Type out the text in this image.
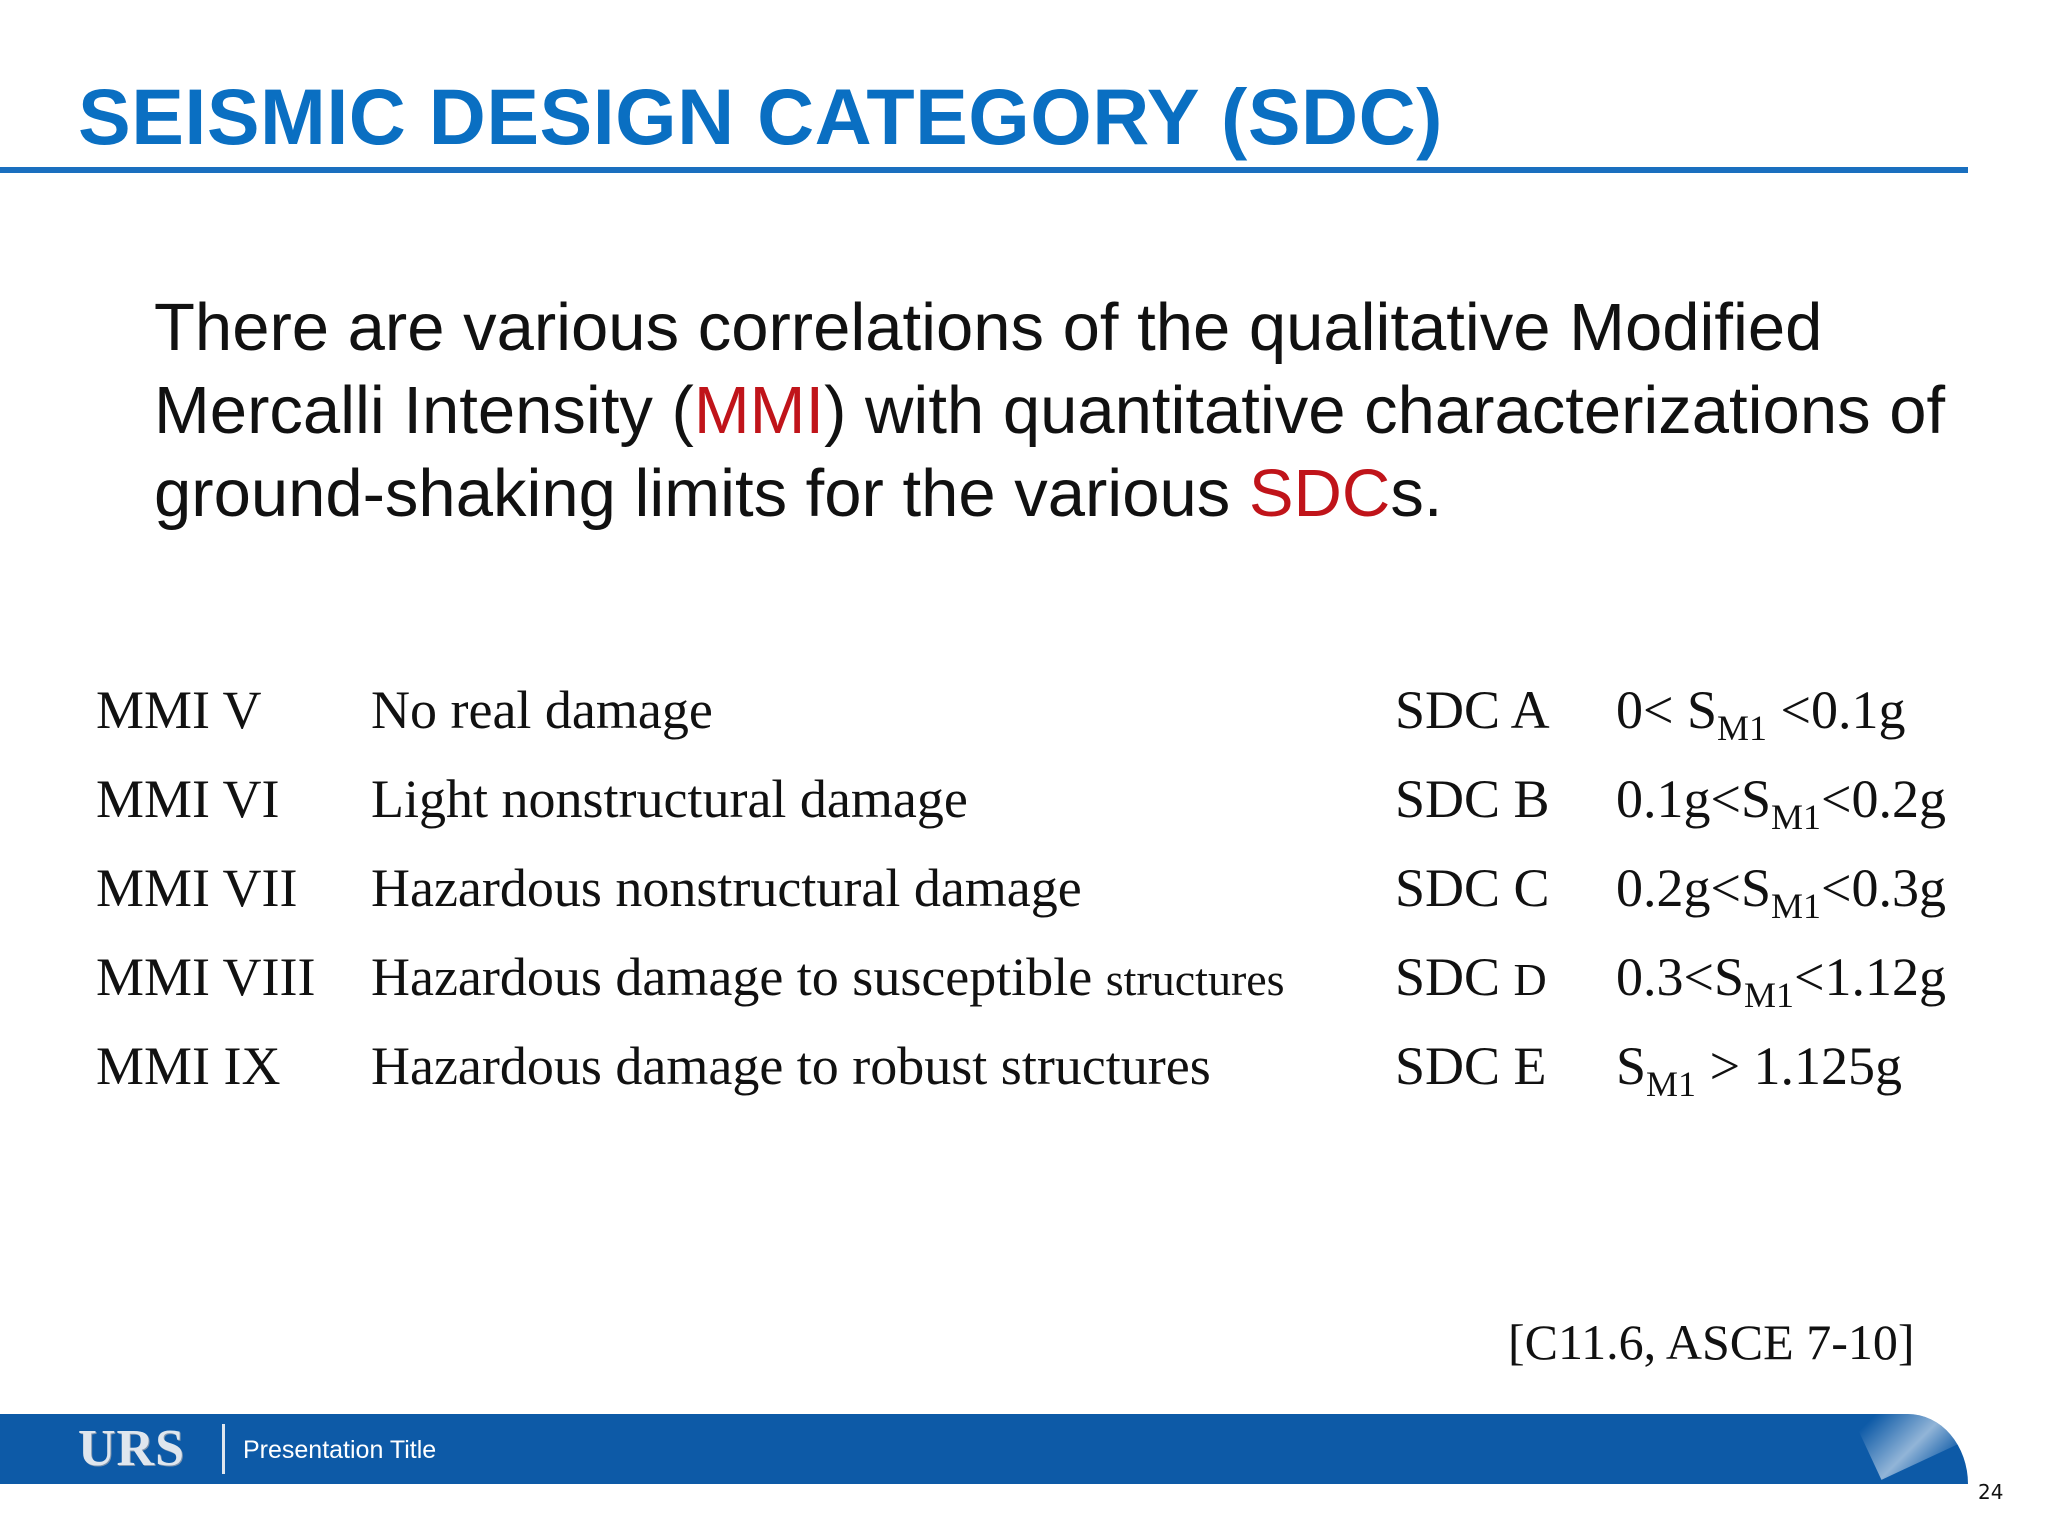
SEISMIC DESIGN CATEGORY (SDC)

There are various correlations of the qualitative Modified Mercalli Intensity (MMI) with quantitative characterizations of ground-shaking limits for the various SDCs.

MMI V No real damage	SDC A $0< S_{M1} <0.1g$
MMI VI Light nonstructural damage	SDC B $0.1g<S_{M1}<0.2g$
MMI VII Hazardous nonstructural damage	SDC C $0.2g<S_{M1}<0.3g$
MMI VIII Hazardous damage to susceptible structures SDC D $0.3<S_{M1}<1.12g$
MMI IX Hazardous damage to robust structures	SDC E $S_{M1} > 1.125g$
[C11.6, ASCE 7-10]
URS Presentation Title
24
